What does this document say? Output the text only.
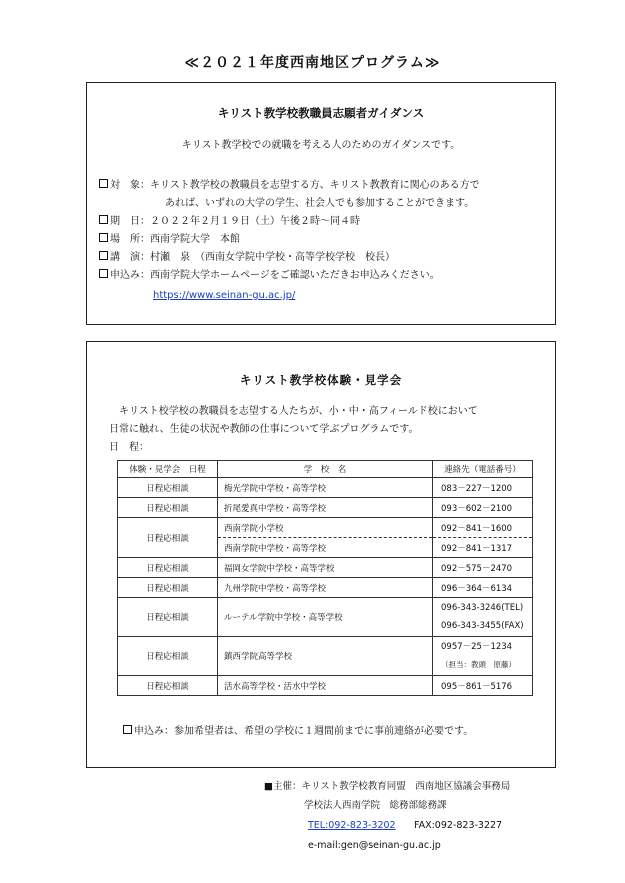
≪２０２１年度西南地区プログラム≫
キリスト教学校教職員志願者ガイダンス
キリスト教学校での就職を考える人のためのガイダンスです。
対　象：キリスト教学校の教職員を志望する方、キリスト教教育に関心のある方で
あれば、いずれの大学の学生、社会人でも参加することができます。
期　日：２０２２年２月１９日（土）午後２時～同４時
場　所：西南学院大学　本館
講　演：村瀬　泉　（西南女学院中学校・高等学校学校　校長）
申込み：西南学院大学ホームページをご確認いただきお申込みください。
https://www.seinan-gu.ac.jp/
キリスト教学校体験・見学会
キリスト校学校の教職員を志望する人たちが、小・中・高フィールド校において
日常に触れ、生徒の状況や教師の仕事について学ぶプログラムです。
日　程：
体験・見学会　日程	学　校　名	連絡先（電話番号）
日程応相談	梅光学院中学校・高等学校	083－227－1200
日程応相談	折尾愛真中学校・高等学校	093－602－2100
日程応相談	西南学院小学校	092－841－1600
	西南学院中学校・高等学校	092－841－1317
日程応相談	福岡女学院中学校・高等学校	092－575－2470
日程応相談	九州学院中学校・高等学校	096－364－6134
日程応相談	ルーテル学院中学校・高等学校	096-343-3246(TEL)
096-343-3455(FAX)

日程応相談	鎮西学院高等学校	0957－25－1234
（担当：教頭　原藤）

日程応相談	活水高等学校・活水中学校	095－861－5176
申込み：参加希望者は、希望の学校に１週間前までに事前連絡が必要です。
■主催：キリスト教学校教育同盟　西南地区協議会事務局
学校法人西南学院　総務部総務課
TEL:092-823-3202 FAX:092-823-3227
e-mail:gen@seinan-gu.ac.jp
